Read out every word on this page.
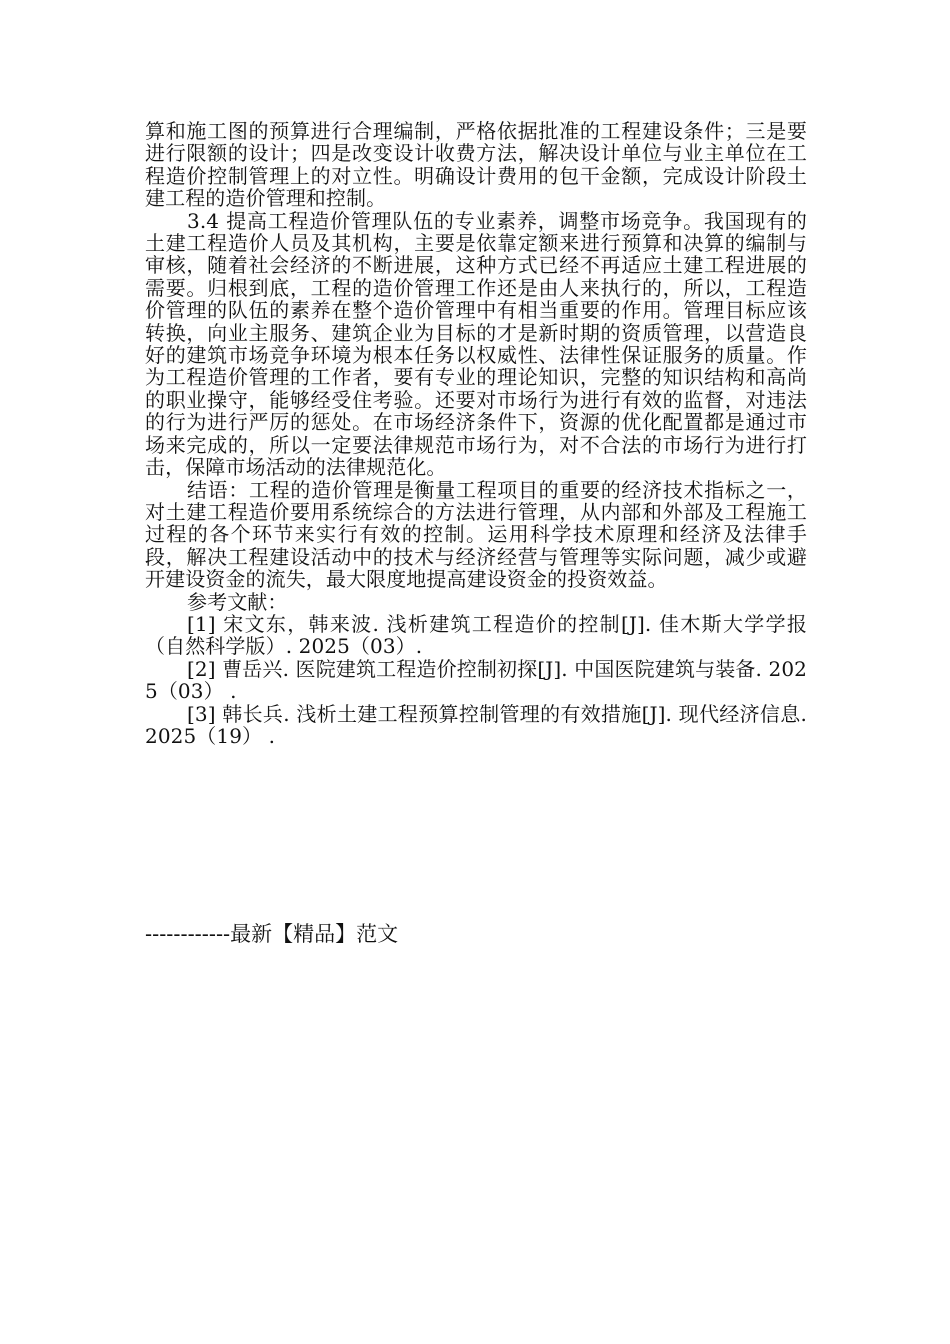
算和施工图的预算进行合理编制，严格依据批准的工程建设条件；三是要进行限额的设计；四是改变设计收费方法，解决设计单位与业主单位在工程造价控制管理上的对立性。明确设计费用的包干金额，完成设计阶段土建工程的造价管理和控制。

3.4 提高工程造价管理队伍的专业素养，调整市场竞争。我国现有的土建工程造价人员及其机构，主要是依靠定额来进行预算和决算的编制与审核，随着社会经济的不断进展，这种方式已经不再适应土建工程进展的需要。归根到底，工程的造价管理工作还是由人来执行的，所以，工程造价管理的队伍的素养在整个造价管理中有相当重要的作用。管理目标应该转换，向业主服务、建筑企业为目标的才是新时期的资质管理，以营造良好的建筑市场竞争环境为根本任务以权威性、法律性保证服务的质量。作为工程造价管理的工作者，要有专业的理论知识，完整的知识结构和高尚的职业操守，能够经受住考验。还要对市场行为进行有效的监督，对违法的行为进行严厉的惩处。在市场经济条件下，资源的优化配置都是通过市场来完成的，所以一定要法律规范市场行为，对不合法的市场行为进行打击，保障市场活动的法律规范化。

结语：工程的造价管理是衡量工程项目的重要的经济技术指标之一，对土建工程造价要用系统综合的方法进行管理，从内部和外部及工程施工过程的各个环节来实行有效的控制。运用科学技术原理和经济及法律手段，解决工程建设活动中的技术与经济经营与管理等实际问题，减少或避开建设资金的流失，最大限度地提高建设资金的投资效益。

参考文献：

[1] 宋文东，韩来波. 浅析建筑工程造价的控制[J]. 佳木斯大学学报（自然科学版）. 2025（03）.

[2] 曹岳兴. 医院建筑工程造价控制初探[J]. 中国医院建筑与装备. 2025（03） .

[3] 韩长兵. 浅析土建工程预算控制管理的有效措施[J]. 现代经济信息. 2025（19） .

------------最新【精品】范文
